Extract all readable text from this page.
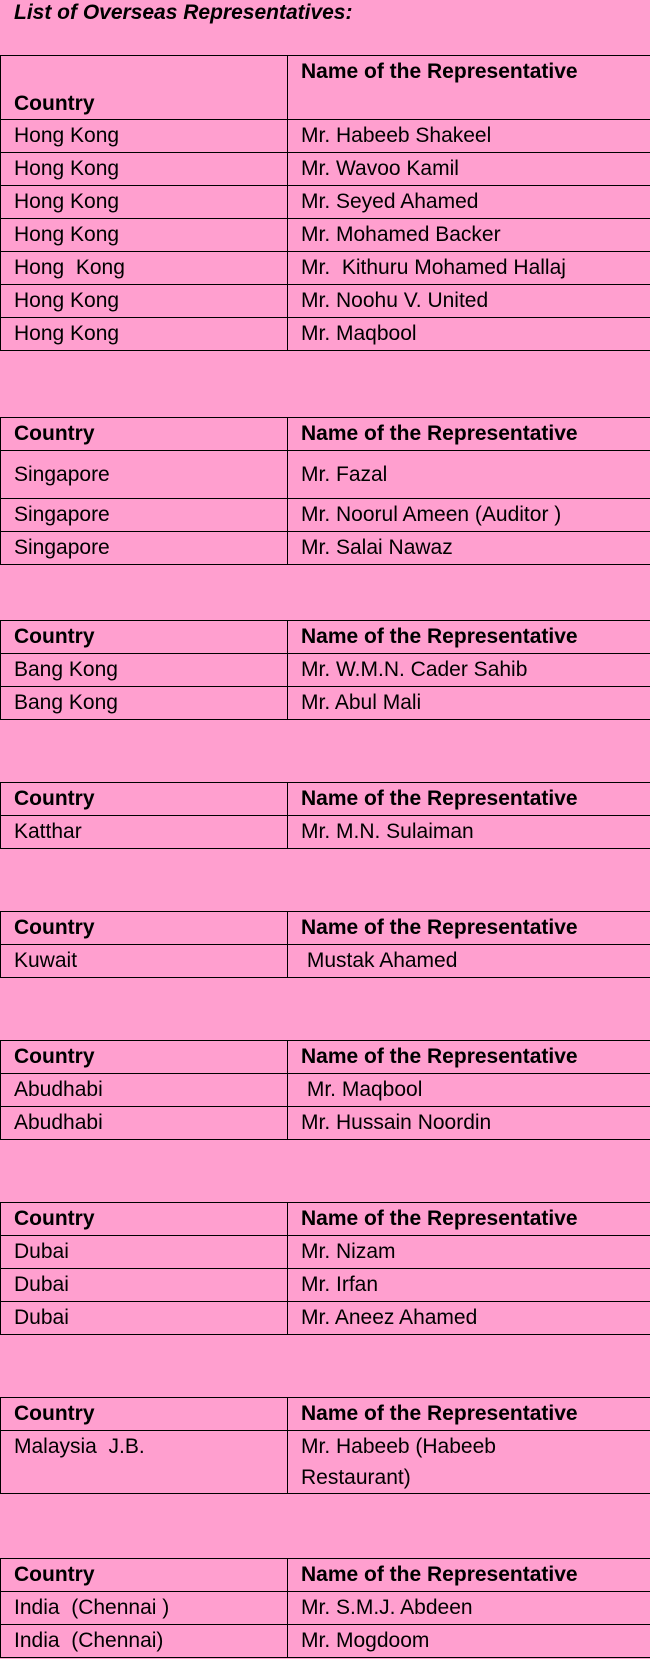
List of Overseas Representatives:
Country	Name of the Representative

Hong Kong	Mr. Habeeb Shakeel
Hong Kong	Mr. Wavoo Kamil
Hong Kong	Mr. Seyed Ahamed
Hong Kong	Mr. Mohamed Backer
Hong  Kong	Mr.  Kithuru Mohamed Hallaj
Hong Kong	Mr. Noohu V. United
Hong Kong	Mr. Maqbool
Country	Name of the Representative
Singapore	Mr. Fazal
Singapore	Mr. Noorul Ameen (Auditor )
Singapore	Mr. Salai Nawaz
Country	Name of the Representative
Bang Kong	Mr. W.M.N. Cader Sahib
Bang Kong	Mr. Abul Mali
Country	Name of the Representative
Katthar	Mr. M.N. Sulaiman
Country	Name of the Representative
Kuwait	Mustak Ahamed
Country	Name of the Representative
Abudhabi	Mr. Maqbool
Abudhabi	Mr. Hussain Noordin
Country	Name of the Representative
Dubai	Mr. Nizam
Dubai	Mr. Irfan
Dubai	Mr. Aneez Ahamed
Country	Name of the Representative
Malaysia  J.B.	Mr. Habeeb (Habeeb Restaurant)
Country	Name of the Representative
India  (Chennai )	Mr. S.M.J. Abdeen
India  (Chennai)	Mr. Mogdoom
